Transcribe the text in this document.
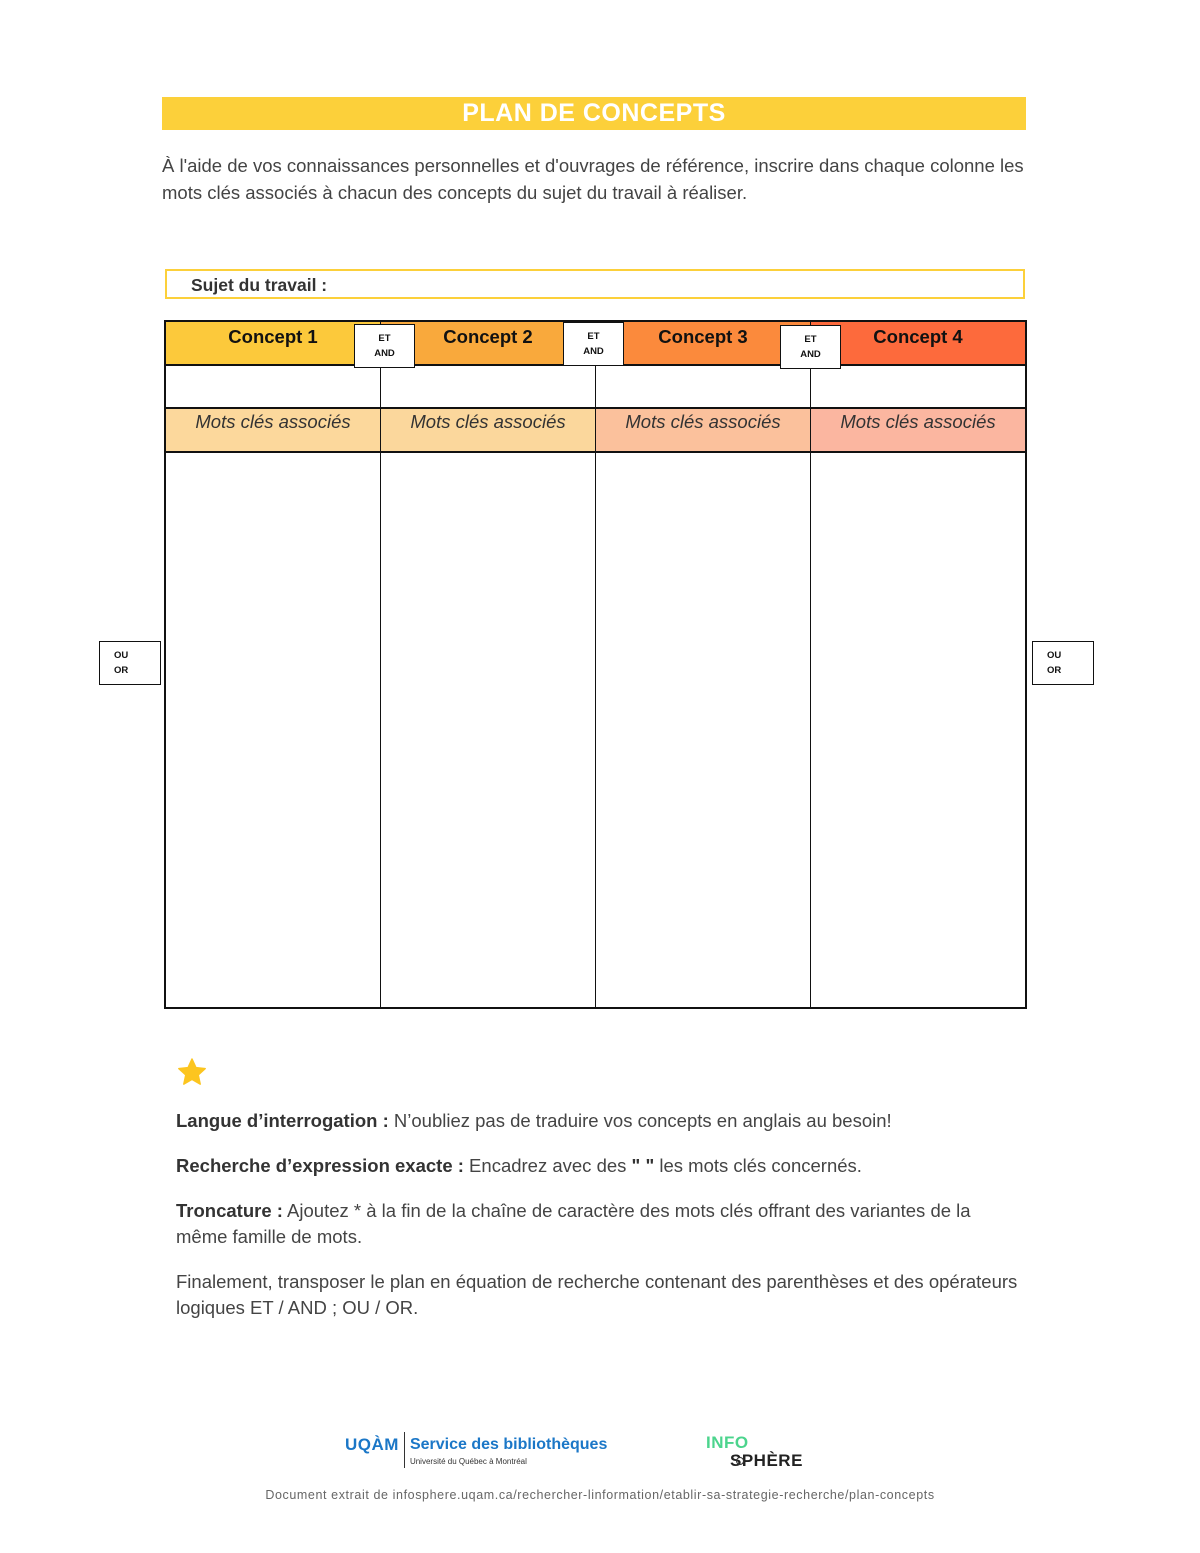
PLAN DE CONCEPTS
À l'aide de vos connaissances personnelles et d'ouvrages de référence, inscrire dans chaque colonne les mots clés associés à chacun des concepts du sujet du travail à réaliser.
Sujet du travail :
Concept 1
Mots clés associés
Concept 2
Mots clés associés
Concept 3
Mots clés associés
Concept 4
Mots clés associés
ET
AND
ET
AND
ET
AND
OU
OR
OU
OR

Langue d’interrogation : N’oubliez pas de traduire vos concepts en anglais au besoin!

Recherche d’expression exacte : Encadrez avec des " " les mots clés concernés.

Troncature : Ajoutez * à la fin de la chaîne de caractère des mots clés offrant des variantes de la même famille de mots.

Finalement, transposer le plan en équation de recherche contenant des parenthèses et des opérateurs logiques ET / AND ; OU / OR.

UQÀM Service des bibliothèques
Université du Québec à Montréal
INFO
SPHÈRE
Document extrait de infosphere.uqam.ca/rechercher-linformation/etablir-sa-strategie-recherche/plan-concepts
